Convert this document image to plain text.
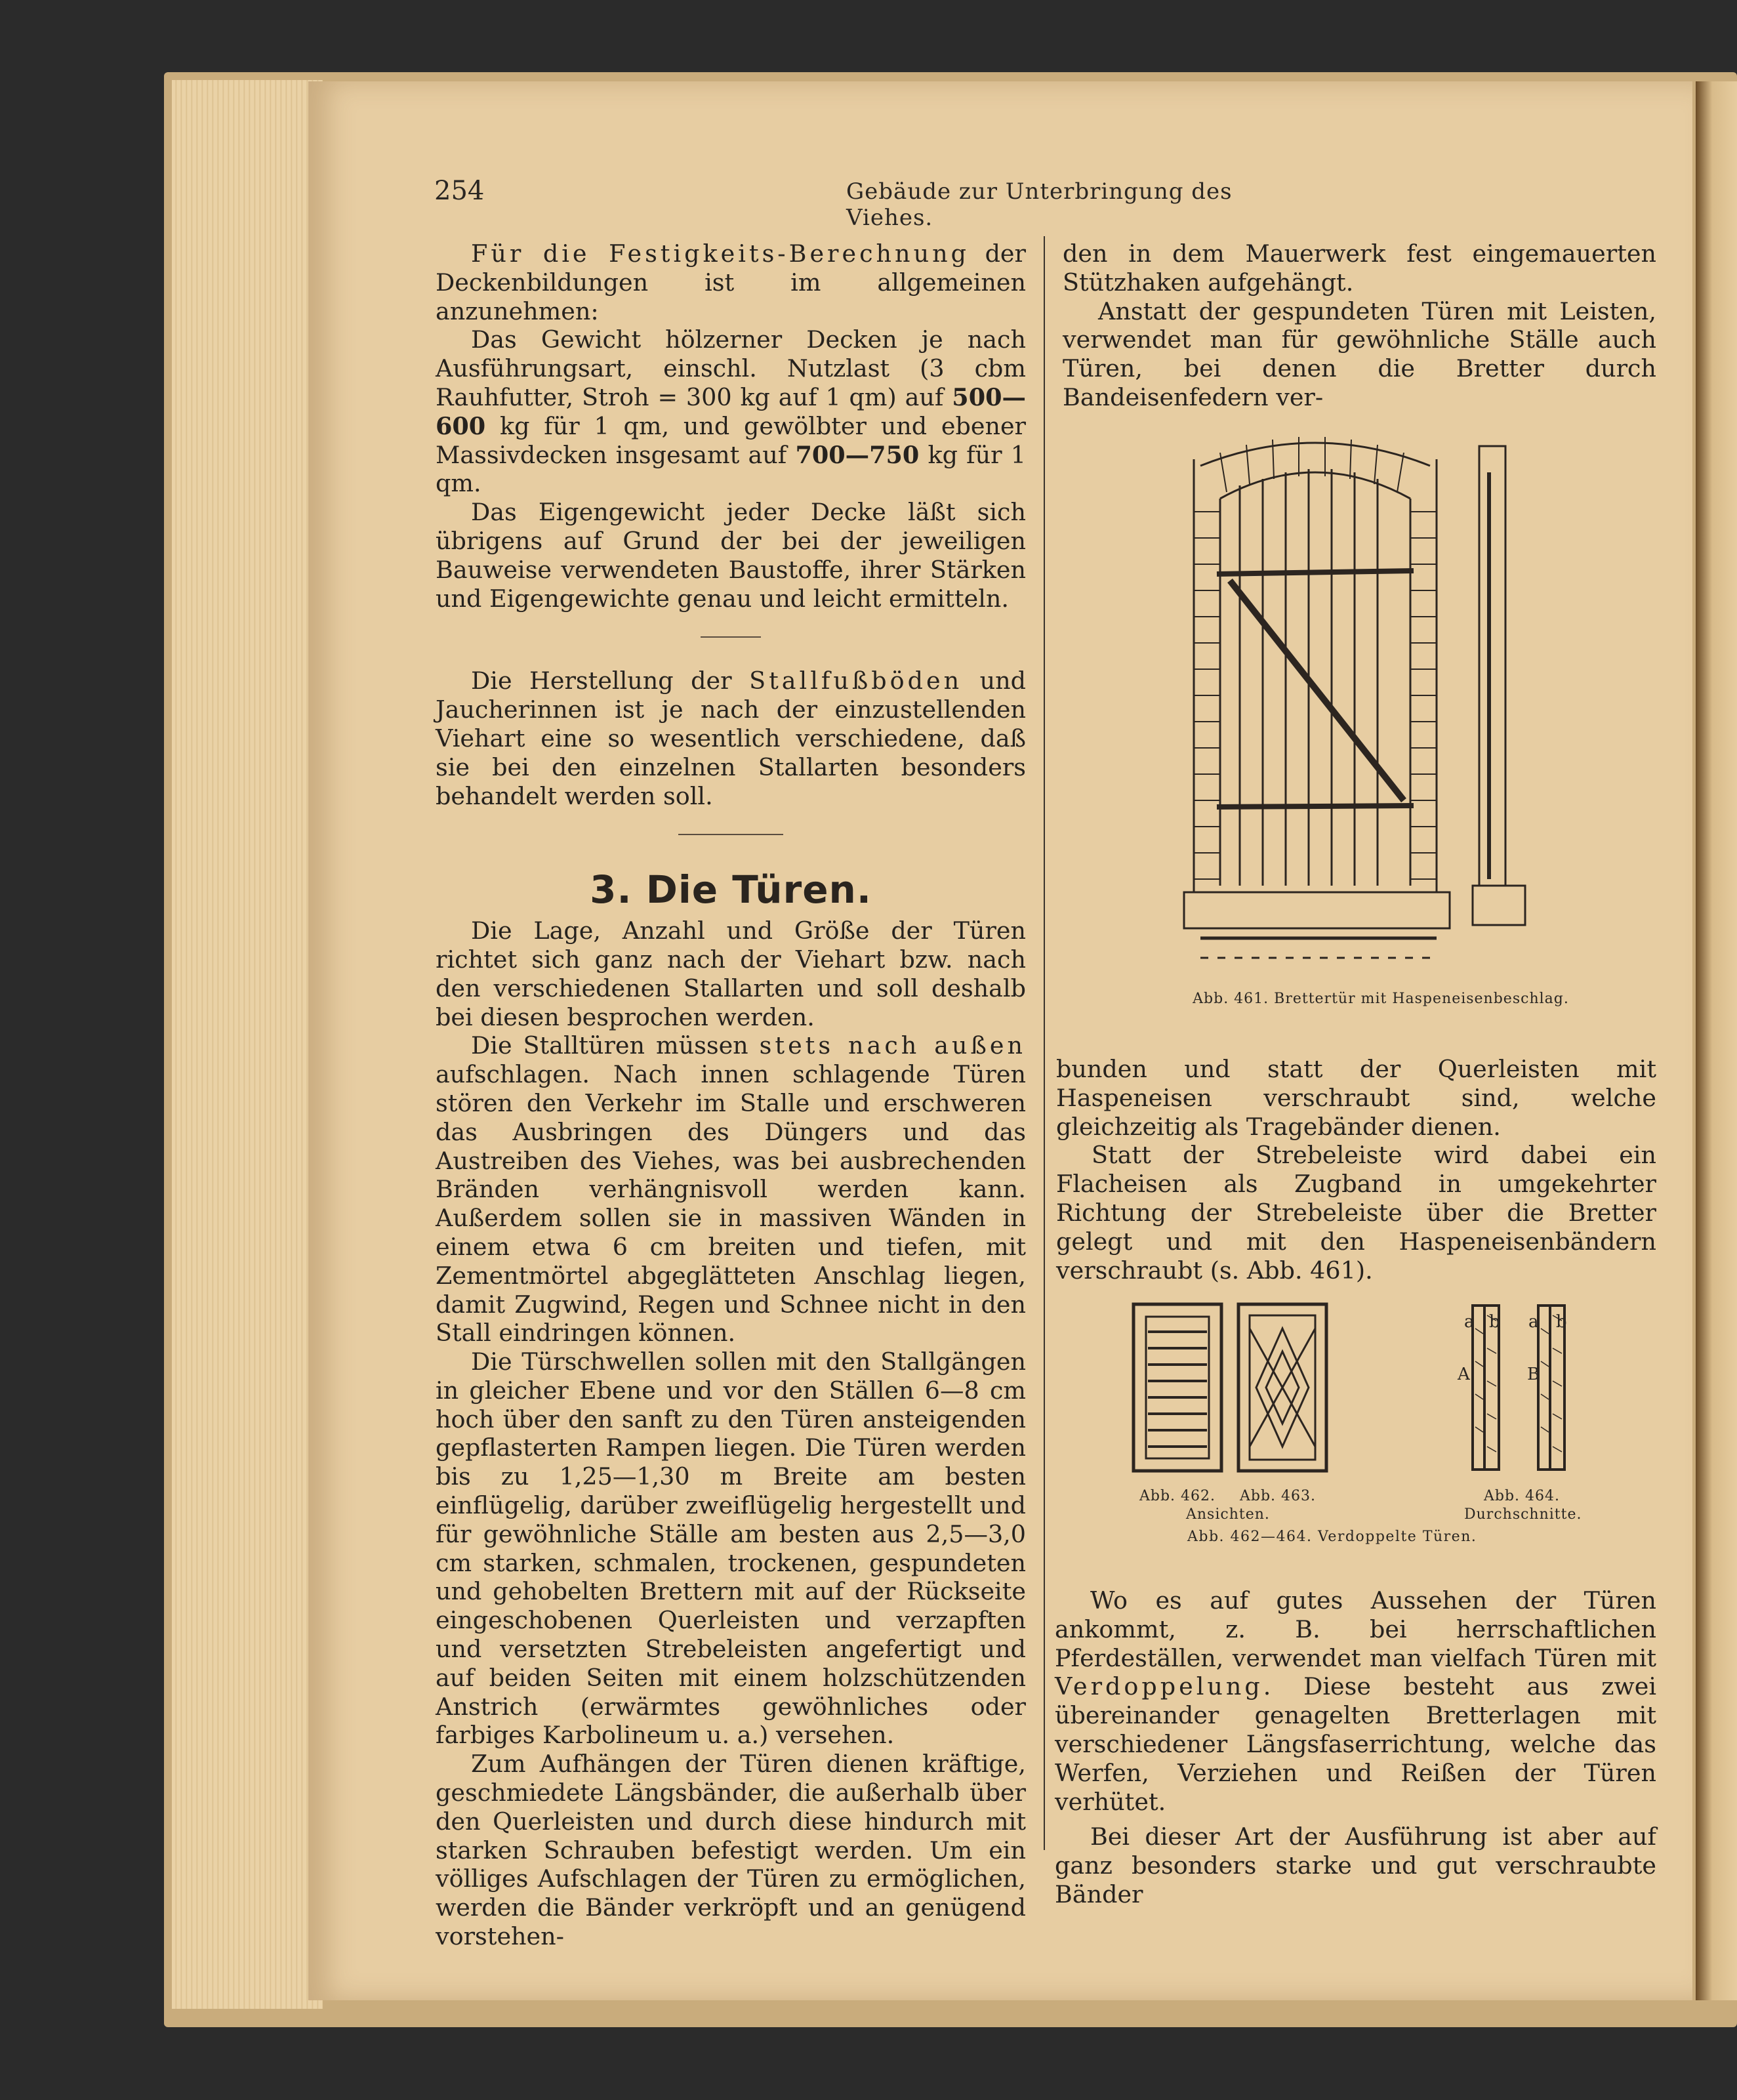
254	Gebäude zur Unterbringung des Viehes.

Für die Festigkeits-Berechnung der Deckenbildungen ist im allgemeinen anzunehmen:

Das Gewicht hölzerner Decken je nach Ausführungsart, einschl. Nutzlast (3 cbm Rauhfutter, Stroh = 300 kg auf 1 qm) auf 500—600 kg für 1 qm, und gewölbter und ebener Massivdecken insgesamt auf 700—750 kg für 1 qm.

Das Eigengewicht jeder Decke läßt sich übrigens auf Grund der bei der jeweiligen Bauweise verwendeten Baustoffe, ihrer Stärken und Eigengewichte genau und leicht ermitteln.

Die Herstellung der Stallfußböden und Jaucherinnen ist je nach der einzustellenden Viehart eine so wesentlich verschiedene, daß sie bei den einzelnen Stallarten besonders behandelt werden soll.

3. Die Türen.

Die Lage, Anzahl und Größe der Türen richtet sich ganz nach der Viehart bzw. nach den verschiedenen Stallarten und soll deshalb bei diesen besprochen werden.

Die Stalltüren müssen stets nach außen aufschlagen. Nach innen schlagende Türen stören den Verkehr im Stalle und erschweren das Ausbringen des Düngers und das Austreiben des Viehes, was bei ausbrechenden Bränden verhängnisvoll werden kann. Außerdem sollen sie in massiven Wänden in einem etwa 6 cm breiten und tiefen, mit Zementmörtel abgeglätteten Anschlag liegen, damit Zugwind, Regen und Schnee nicht in den Stall eindringen können.

Die Türschwellen sollen mit den Stallgängen in gleicher Ebene und vor den Ställen 6—8 cm hoch über den sanft zu den Türen ansteigenden gepflasterten Rampen liegen. Die Türen werden bis zu 1,25—1,30 m Breite am besten einflügelig, darüber zweiflügelig hergestellt und für gewöhnliche Ställe am besten aus 2,5—3,0 cm starken, schmalen, trockenen, gespundeten und gehobelten Brettern mit auf der Rückseite eingeschobenen Querleisten und verzapften und versetzten Strebeleisten angefertigt und auf beiden Seiten mit einem holzschützenden Anstrich (erwärmtes gewöhnliches oder farbiges Karbolineum u. a.) versehen.

Zum Aufhängen der Türen dienen kräftige, geschmiedete Längsbänder, die außerhalb über den Querleisten und durch diese hindurch mit starken Schrauben befestigt werden. Um ein völliges Aufschlagen der Türen zu ermöglichen, werden die Bänder verkröpft und an genügend vorstehen-

den in dem Mauerwerk fest eingemauerten Stützhaken aufgehängt.

Anstatt der gespundeten Türen mit Leisten, verwendet man für gewöhnliche Ställe auch Türen, bei denen die Bretter durch Bandeisenfedern ver-

Abb. 461. Brettertür mit Haspeneisenbeschlag.

bunden und statt der Querleisten mit Haspeneisen verschraubt sind, welche gleichzeitig als Tragebänder dienen.

Statt der Strebeleiste wird dabei ein Flacheisen als Zugband in umgekehrter Richtung der Strebeleiste über die Bretter gelegt und mit den Haspeneisenbändern verschraubt (s. Abb. 461).

a b a b
A	B
Abb. 462. Abb. 463.
Ansichten.
Abb. 464.
Durchschnitte.
Abb. 462—464. Verdoppelte Türen.

Wo es auf gutes Aussehen der Türen ankommt, z. B. bei herrschaftlichen Pferdeställen, verwendet man vielfach Türen mit Verdoppelung. Diese besteht aus zwei übereinander genagelten Bretterlagen mit verschiedener Längsfaserrichtung, welche das Werfen, Verziehen und Reißen der Türen verhütet.

Bei dieser Art der Ausführung ist aber auf ganz besonders starke und gut verschraubte Bänder
